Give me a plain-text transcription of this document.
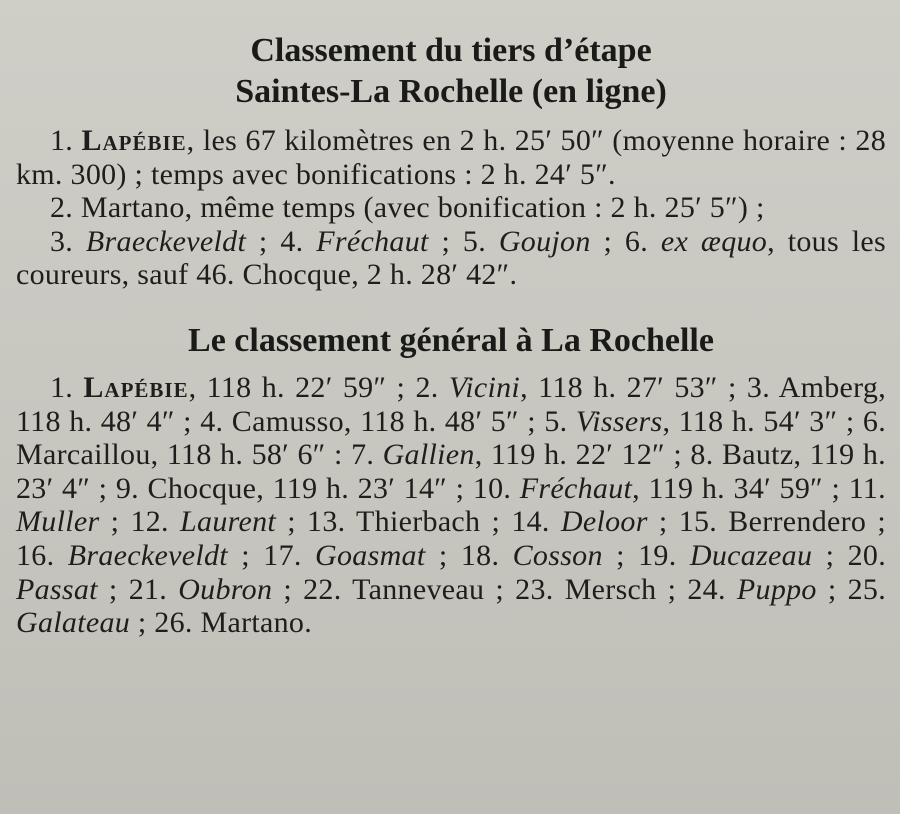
Classement du tiers d’étape
Saintes-La Rochelle (en ligne)

1. Lapébie, les 67 kilomètres en 2 h. 25′ 50″ (moyenne horaire : 28 km. 300) ; temps avec bonifications : 2 h. 24′ 5″.

2. Martano, même temps (avec bonification : 2 h. 25′ 5″) ;

3. Braeckeveldt ; 4. Fréchaut ; 5. Goujon ; 6. ex æquo, tous les coureurs, sauf 46. Chocque, 2 h. 28′ 42″.

Le classement général à La Rochelle

1. Lapébie, 118 h. 22′ 59″ ; 2. Vicini, 118 h. 27′ 53″ ; 3. Amberg, 118 h. 48′ 4″ ; 4. Camusso, 118 h. 48′ 5″ ; 5. Vissers, 118 h. 54′ 3″ ; 6. Marcaillou, 118 h. 58′ 6″ : 7. Gallien, 119 h. 22′ 12″ ; 8. Bautz, 119 h. 23′ 4″ ; 9. Chocque, 119 h. 23′ 14″ ; 10. Fréchaut, 119 h. 34′ 59″ ; 11. Muller ; 12. Laurent ; 13. Thierbach ; 14. Deloor ; 15. Berrendero ; 16. Braeckeveldt ; 17. Goasmat ; 18. Cosson ; 19. Ducazeau ; 20. Passat ; 21. Oubron ; 22. Tanneveau ; 23. Mersch ; 24. Puppo ; 25. Galateau ; 26. Martano.
